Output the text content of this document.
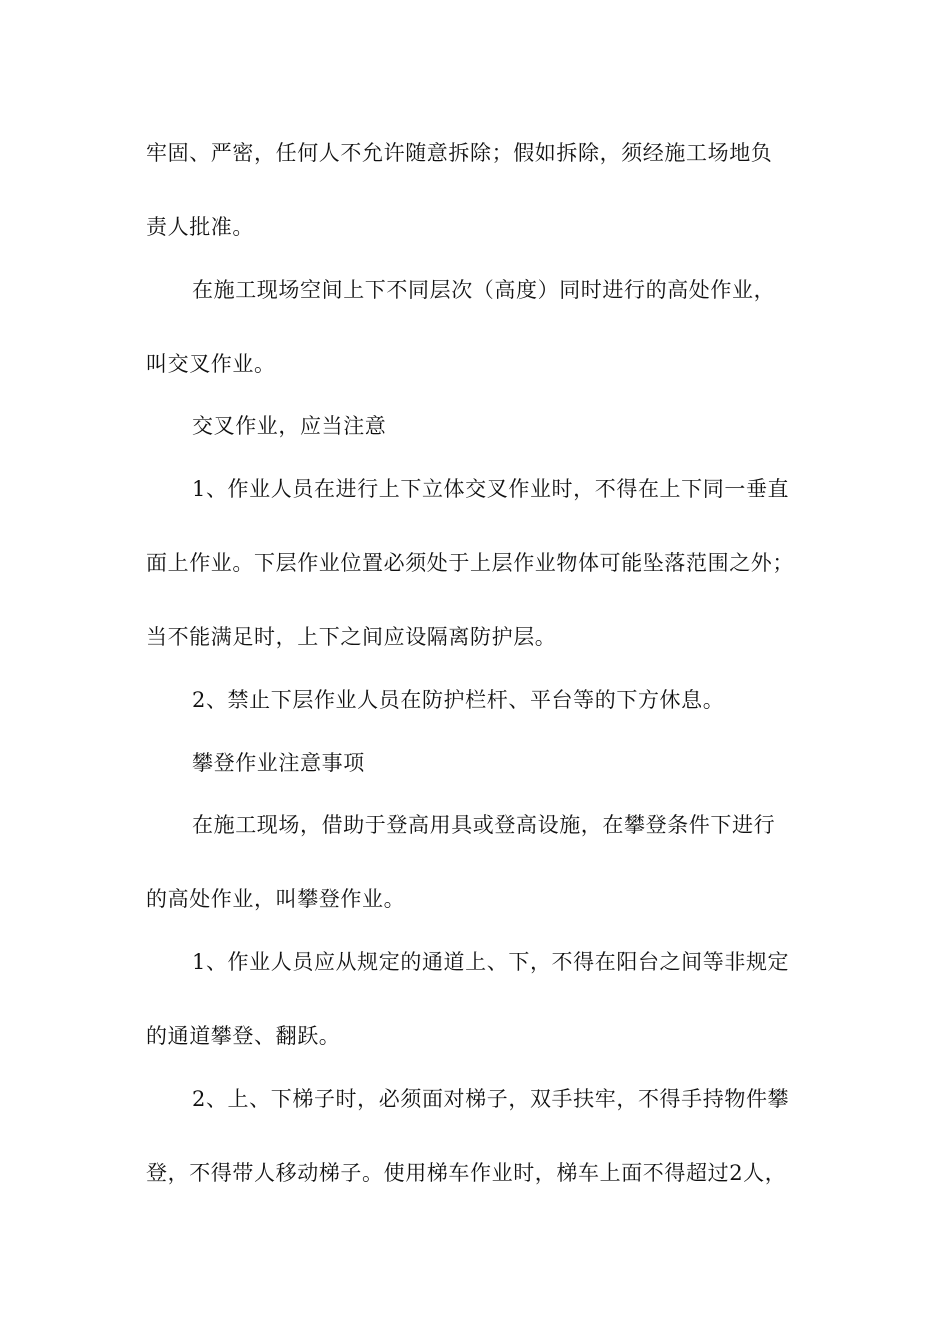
牢固、严密，任何人不允许随意拆除；假如拆除，须经施工场地负
责人批准。
在施工现场空间上下不同层次（高度）同时进行的高处作业，
叫交叉作业。
交叉作业，应当注意
1、作业人员在进行上下立体交叉作业时，不得在上下同一垂直
面上作业。下层作业位置必须处于上层作业物体可能坠落范围之外；
当不能满足时，上下之间应设隔离防护层。
2、禁止下层作业人员在防护栏杆、平台等的下方休息。
攀登作业注意事项
在施工现场，借助于登高用具或登高设施，在攀登条件下进行
的高处作业，叫攀登作业。
1、作业人员应从规定的通道上、下，不得在阳台之间等非规定
的通道攀登、翻跃。
2、上、下梯子时，必须面对梯子，双手扶牢，不得手持物件攀
登，不得带人移动梯子。使用梯车作业时，梯车上面不得超过2人，
